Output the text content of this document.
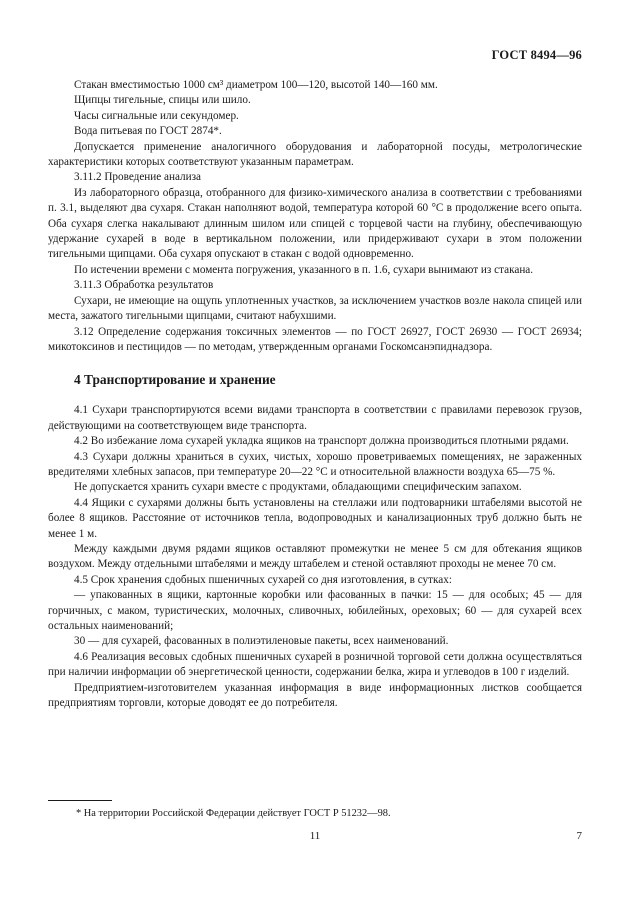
ГОСТ 8494—96

Стакан вместимостью 1000 см³ диаметром 100—120, высотой 140—160 мм.

Щипцы тигельные, спицы или шило.

Часы сигнальные или секундомер.

Вода питьевая по ГОСТ 2874*.

Допускается применение аналогичного оборудования и лабораторной посуды, метрологические характеристики которых соответствуют указанным параметрам.

3.11.2 Проведение анализа

Из лабораторного образца, отобранного для физико-химического анализа в соответствии с требованиями п. 3.1, выделяют два сухаря. Стакан наполняют водой, температура которой 60 °С в продолжение всего опыта. Оба сухаря слегка накалывают длинным шилом или спицей с торцевой части на глубину, обеспечивающую удержание сухарей в воде в вертикальном положении, или придерживают сухари в этом положении тигельными щипцами. Оба сухаря опускают в стакан с водой одновременно.

По истечении времени с момента погружения, указанного в п. 1.6, сухари вынимают из стакана.

3.11.3 Обработка результатов

Сухари, не имеющие на ощупь уплотненных участков, за исключением участков возле накола спицей или места, зажатого тигельными щипцами, считают набухшими.

3.12 Определение содержания токсичных элементов — по ГОСТ 26927, ГОСТ 26930 — ГОСТ 26934; микотоксинов и пестицидов — по методам, утвержденным органами Госкомсанэпиднадзора.

4 Транспортирование и хранение

4.1 Сухари транспортируются всеми видами транспорта в соответствии с правилами перевозок грузов, действующими на соответствующем виде транспорта.

4.2 Во избежание лома сухарей укладка ящиков на транспорт должна производиться плотными рядами.

4.3 Сухари должны храниться в сухих, чистых, хорошо проветриваемых помещениях, не зараженных вредителями хлебных запасов, при температуре 20—22 °С и относительной влажности воздуха 65—75 %.

Не допускается хранить сухари вместе с продуктами, обладающими специфическим запахом.

4.4 Ящики с сухарями должны быть установлены на стеллажи или подтоварники штабелями высотой не более 8 ящиков. Расстояние от источников тепла, водопроводных и канализационных труб должно быть не менее 1 м.

Между каждыми двумя рядами ящиков оставляют промежутки не менее 5 см для обтекания ящиков воздухом. Между отдельными штабелями и между штабелем и стеной оставляют проходы не менее 70 см.

4.5 Срок хранения сдобных пшеничных сухарей со дня изготовления, в сутках:

— упакованных в ящики, картонные коробки или фасованных в пачки: 15 — для особых; 45 — для горчичных, с маком, туристических, молочных, сливочных, юбилейных, ореховых; 60 — для сухарей всех остальных наименований;

30 — для сухарей, фасованных в полиэтиленовые пакеты, всех наименований.

4.6 Реализация весовых сдобных пшеничных сухарей в розничной торговой сети должна осуществляться при наличии информации об энергетической ценности, содержании белка, жира и углеводов в 100 г изделий.

Предприятием-изготовителем указанная информация в виде информационных листков сообщается предприятиям торговли, которые доводят ее до потребителя.

* На территории Российской Федерации действует ГОСТ Р 51232—98.
11	7
